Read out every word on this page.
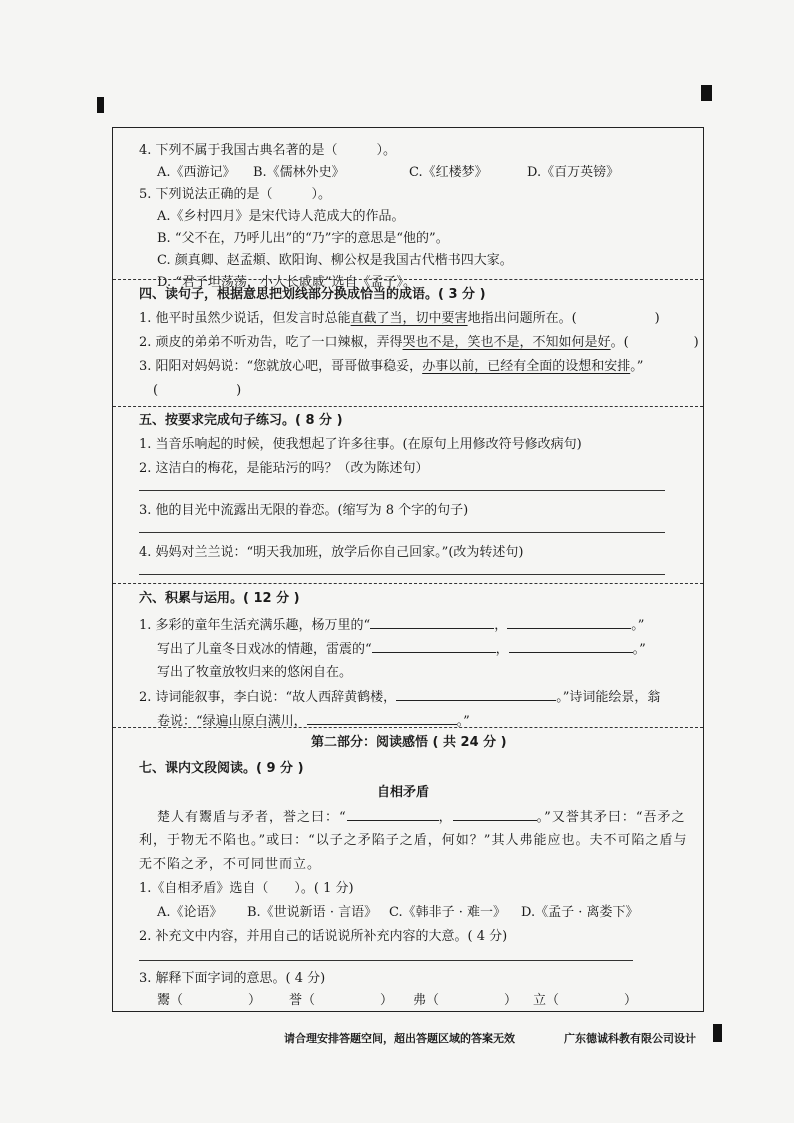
4. 下列不属于我国古典名著的是（　　　）。
A.《西游记》 B.《儒林外史》	C.《红楼梦》	D.《百万英镑》
5. 下列说法正确的是（　　　）。
A.《乡村四月》是宋代诗人范成大的作品。
B. “父不在，乃呼儿出”的“乃”字的意思是“他的”。
C. 颜真卿、赵孟頫、欧阳询、柳公权是我国古代楷书四大家。
D. “君子坦荡荡，小人长戚戚”选自《孟子》。
四、读句子，根据意思把划线部分换成恰当的成语。( 3 分 )
1. 他平时虽然少说话，但发言时总能直截了当，切中要害地指出问题所在。(　　　　　　)
2. 顽皮的弟弟不听劝告，吃了一口辣椒，弄得哭也不是，笑也不是，不知如何是好。(　　　　　)
3. 阳阳对妈妈说：“您就放心吧，哥哥做事稳妥，办事以前，已经有全面的设想和安排。”
(　　　　　　)
五、按要求完成句子练习。( 8 分 )
1. 当音乐响起的时候，使我想起了许多往事。(在原句上用修改符号修改病句)
2. 这洁白的梅花，是能玷污的吗？（改为陈述句）
3. 他的目光中流露出无限的眷恋。(缩写为 8 个字的句子)
4. 妈妈对兰兰说：“明天我加班，放学后你自己回家。”(改为转述句)
六、积累与运用。( 12 分 )
1. 多彩的童年生活充满乐趣，杨万里的“	，	。”
写出了儿童冬日戏冰的情趣，雷震的“	，	。”
写出了牧童放牧归来的悠闲自在。
2. 诗词能叙事，李白说：“故人西辞黄鹤楼，	。”诗词能绘景，翁
卷说：“绿遍山原白满川，	。”
第二部分：阅读感悟 ( 共 24 分 )
七、课内文段阅读。( 9 分 )
自相矛盾
楚人有鬻盾与矛者，誉之曰：“	，	。”又誉其矛曰：“吾矛之
利，于物无不陷也。”或曰：“以子之矛陷子之盾，何如？”其人弗能应也。夫不可陷之盾与
无不陷之矛，不可同世而立。
1.《自相矛盾》选自（　　）。( 1 分)
A.《论语》 B.《世说新语 · 言语》 C.《韩非子 · 难一》 D.《孟子 · 离娄下》
2. 补充文中内容，并用自己的话说说所补充内容的大意。( 4 分)
3. 解释下面字词的意思。( 4 分)
鬻（　　　　　） 誉（　　　　　） 弗（　　　　　） 立（　　　　　）
请合理安排答题空间，超出答题区域的答案无效	广东德诚科教有限公司设计
